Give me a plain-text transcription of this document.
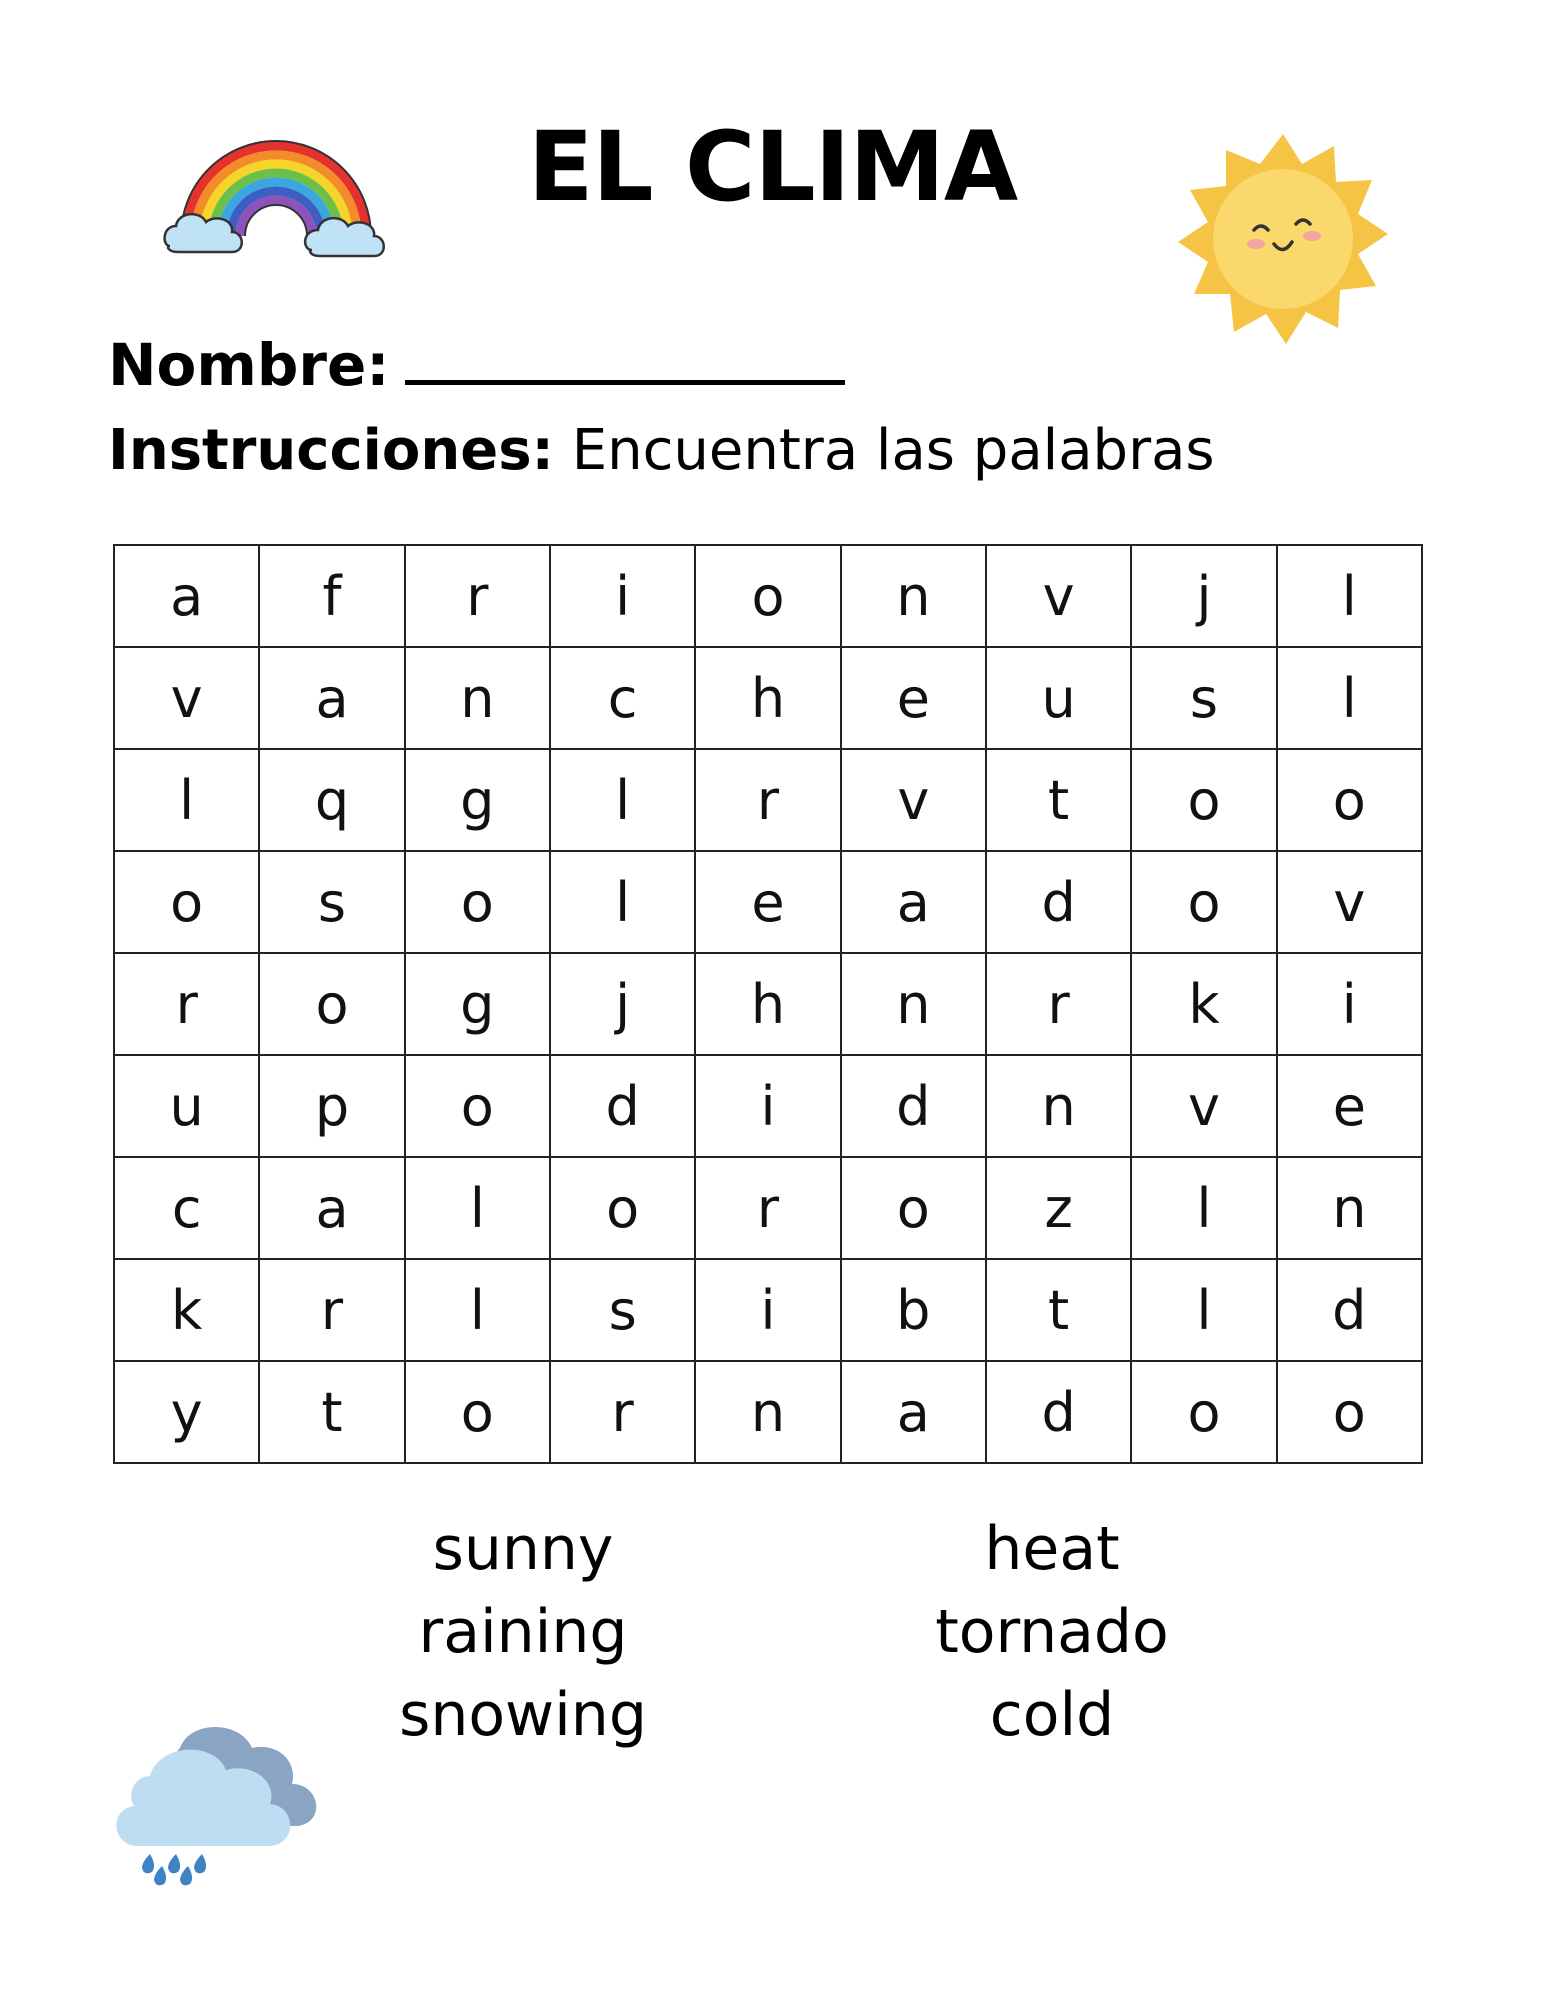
EL CLIMA
Nombre:
Instrucciones: Encuentra las palabras
a	f	r	i	o	n	v	j	l
v	a	n	c	h	e	u	s	l
l	q	g	l	r	v	t	o	o
o	s	o	l	e	a	d	o	v
r	o	g	j	h	n	r	k	i
u	p	o	d	i	d	n	v	e
c	a	l	o	r	o	z	l	n
k	r	l	s	i	b	t	l	d
y	t	o	r	n	a	d	o	o
sunny
raining
snowing
heat
tornado
cold
